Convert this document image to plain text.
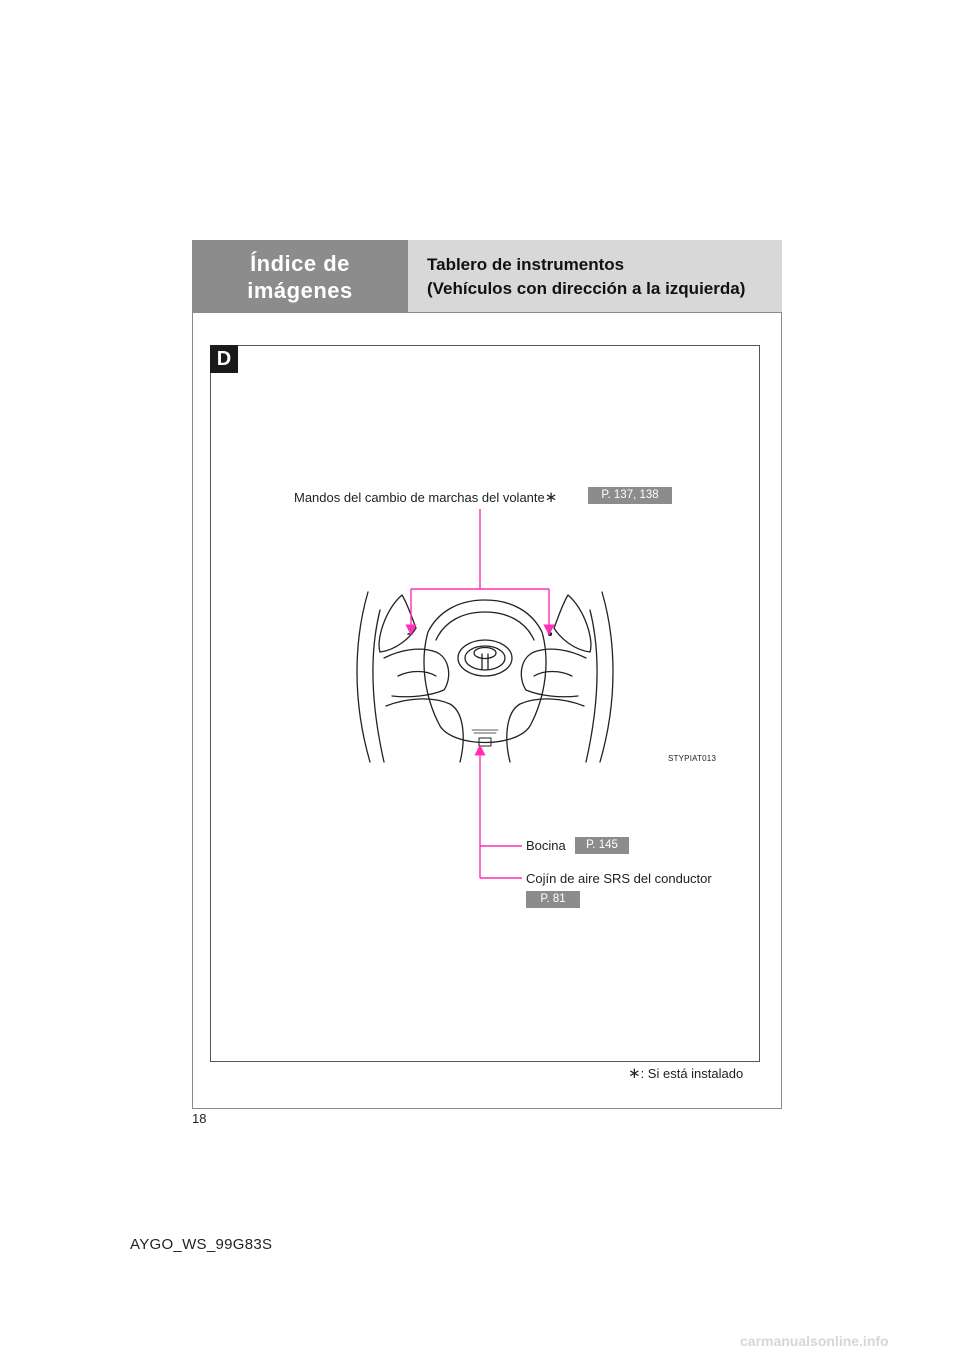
Índice de
imágenes
Tablero de instrumentos
(Vehículos con dirección a la izquierda)
D
Mandos del cambio de marchas del volante∗	P. 137, 138
Bocina	P. 145
Cojín de aire SRS del conductor
P. 81
STYPIAT013
∗: Si está instalado
18
AYGO_WS_99G83S
carmanualsonline.info
